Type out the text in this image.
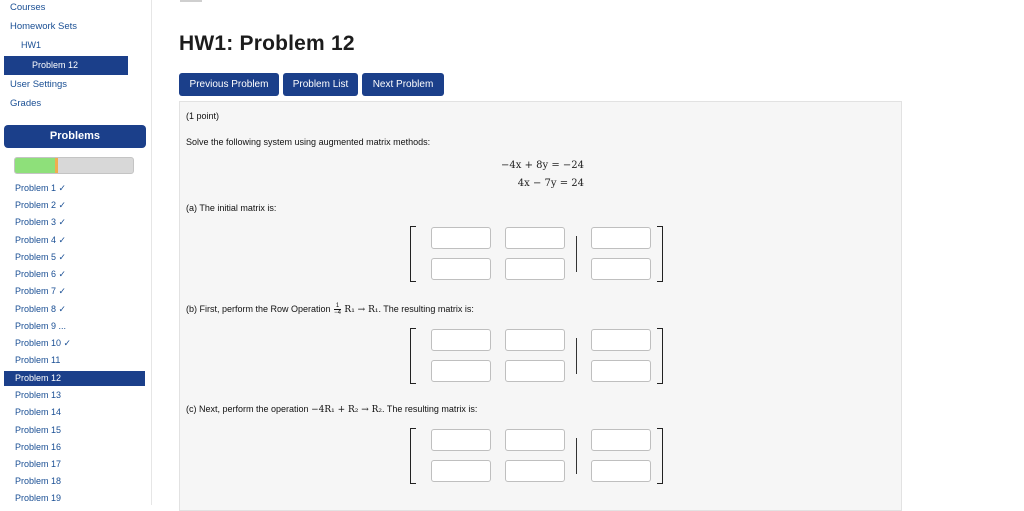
Courses
Homework Sets
HW1
Problem 12
User Settings
Grades
Problems
Problem 1 ✓
Problem 2 ✓
Problem 3 ✓
Problem 4 ✓
Problem 5 ✓
Problem 6 ✓
Problem 7 ✓
Problem 8 ✓
Problem 9 ...
Problem 10 ✓
Problem 11
Problem 12
Problem 13
Problem 14
Problem 15
Problem 16
Problem 17
Problem 18
Problem 19
HW1: Problem 12
Previous Problem	Problem List	Next Problem
(1 point)
Solve the following system using augmented matrix methods:
−4x + 8y = −24
4x − 7y = 24
(a) The initial matrix is:
(b) First, perform the Row Operation $\frac{1}{-4} R_1 \to R_1$. The resulting matrix is:
(c) Next, perform the operation −4R₁ + R₂ → R₂. The resulting matrix is:
